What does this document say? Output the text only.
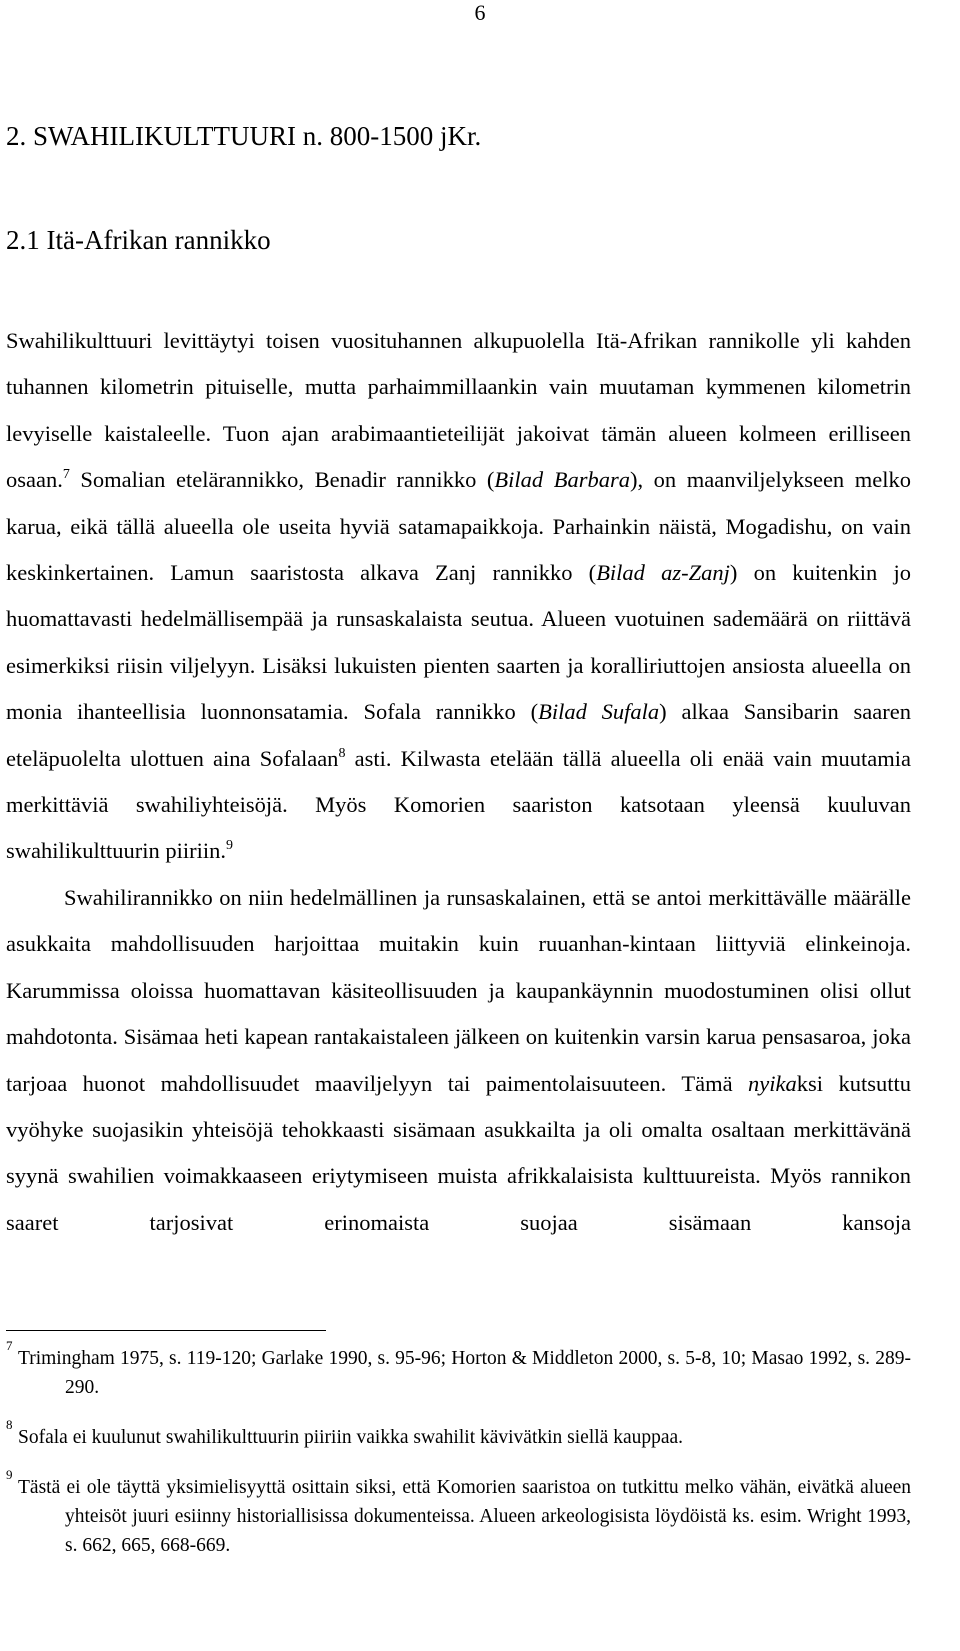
6
2. SWAHILIKULTTUURI n. 800-1500 jKr.
2.1 Itä-Afrikan rannikko

Swahilikulttuuri levittäytyi toisen vuosituhannen alkupuolella Itä-Afrikan rannikolle yli kahden tuhannen kilometrin pituiselle, mutta parhaimmillaankin vain muutaman kymmenen kilometrin levyiselle kaistaleelle. Tuon ajan arabimaantieteilijät jakoivat tämän alueen kolmeen erilliseen osaan.$^7$ Somalian etelärannikko, Benadir rannikko (Bilad Barbara), on maanviljelykseen melko karua, eikä tällä alueella ole useita hyviä satamapaikkoja. Parhainkin näistä, Mogadishu, on vain keskinkertainen. Lamun saaristosta alkava Zanj rannikko (Bilad az-Zanj) on kuitenkin jo huomattavasti hedelmällisempää ja runsaskalaista seutua. Alueen vuotuinen sademäärä on riittävä esimerkiksi riisin viljelyyn. Lisäksi lukuisten pienten saarten ja koralliriuttojen ansiosta alueella on monia ihanteellisia luonnonsatamia. Sofala rannikko (Bilad Sufala) alkaa Sansibarin saaren eteläpuolelta ulottuen aina Sofalaan$^8$ asti. Kilwasta etelään tällä alueella oli enää vain muutamia merkittäviä swahiliyhteisöjä. Myös Komorien saariston katsotaan yleensä kuuluvan swahilikulttuurin piiriin.$^9$

Swahilirannikko on niin hedelmällinen ja runsaskalainen, että se antoi merkittävälle määrälle asukkaita mahdollisuuden harjoittaa muitakin kuin ruuanhan-kintaan liittyviä elinkeinoja. Karummissa oloissa huomattavan käsiteollisuuden ja kaupankäynnin muodostuminen olisi ollut mahdotonta. Sisämaa heti kapean rantakaistaleen jälkeen on kuitenkin varsin karua pensasaroa, joka tarjoaa huonot mahdollisuudet maaviljelyyn tai paimentolaisuuteen. Tämä nyikaksi kutsuttu vyöhyke suojasikin yhteisöjä tehokkaasti sisämaan asukkailta ja oli omalta osaltaan merkittävänä syynä swahilien voimakkaaseen eriytymiseen muista afrikkalaisista kulttuureista. Myös rannikon saaret tarjosivat erinomaista suojaa sisämaan kansoja

7
Trimingham 1975, s. 119-120; Garlake 1990, s. 95-96; Horton & Middleton 2000, s. 5-8, 10; Masao 1992, s. 289-290.
8
Sofala ei kuulunut swahilikulttuurin piiriin vaikka swahilit kävivätkin siellä kauppaa.
9
Tästä ei ole täyttä yksimielisyyttä osittain siksi, että Komorien saaristoa on tutkittu melko vähän, eivätkä alueen yhteisöt juuri esiinny historiallisissa dokumenteissa. Alueen arkeologisista löydöistä ks. esim. Wright 1993, s. 662, 665, 668-669.
